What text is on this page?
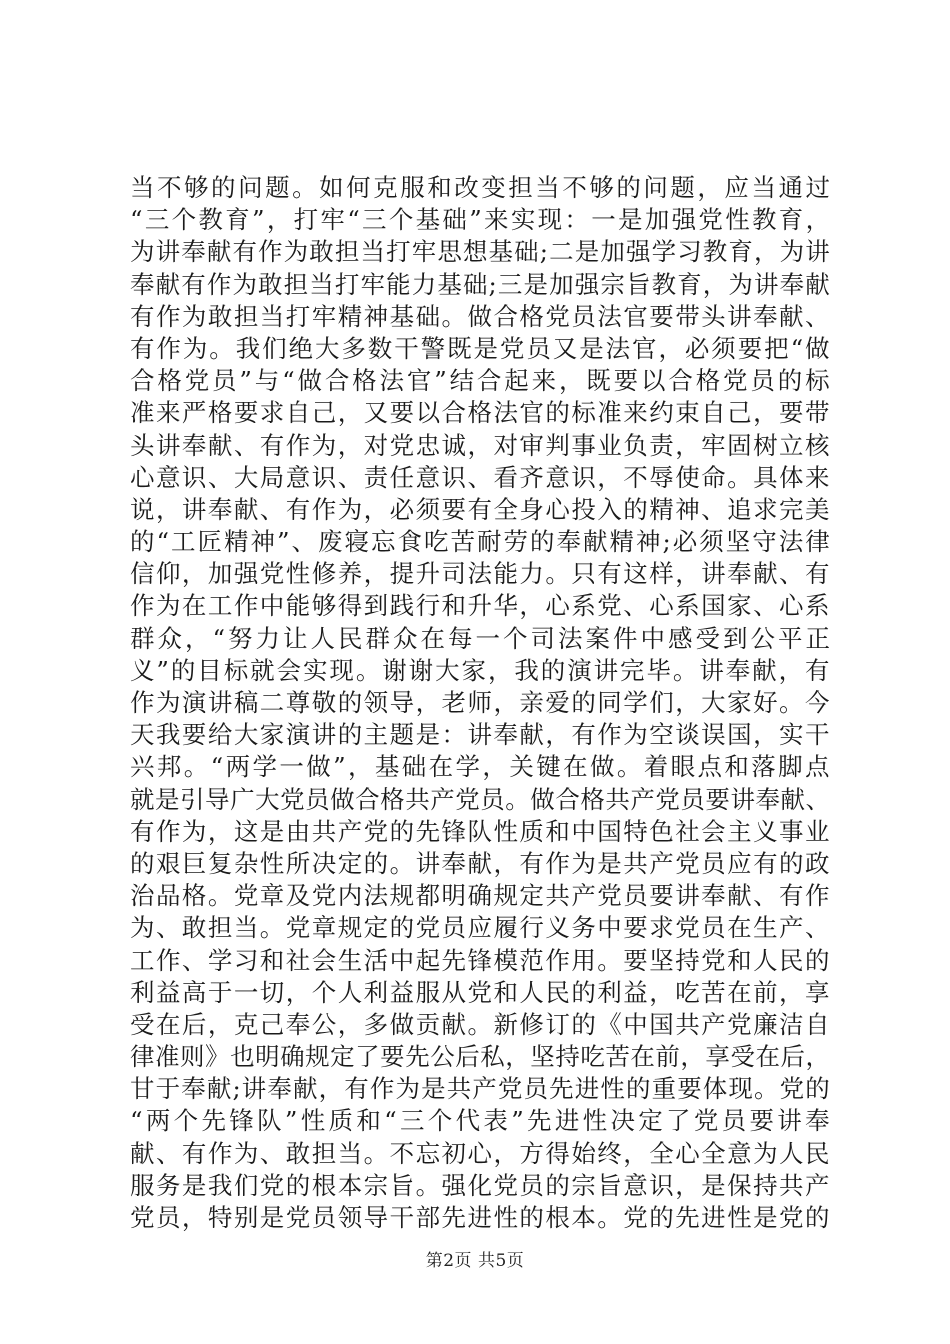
当不够的问题。如何克服和改变担当不够的问题，应当通过
“三个教育”，打牢“三个基础”来实现：一是加强党性教育，
为讲奉献有作为敢担当打牢思想基础;二是加强学习教育，为讲
奉献有作为敢担当打牢能力基础;三是加强宗旨教育，为讲奉献
有作为敢担当打牢精神基础。做合格党员法官要带头讲奉献、
有作为。我们绝大多数干警既是党员又是法官，必须要把“做
合格党员”与“做合格法官”结合起来，既要以合格党员的标
准来严格要求自己，又要以合格法官的标准来约束自己，要带
头讲奉献、有作为，对党忠诚，对审判事业负责，牢固树立核
心意识、大局意识、责任意识、看齐意识，不辱使命。具体来
说，讲奉献、有作为，必须要有全身心投入的精神、追求完美
的“工匠精神”、废寝忘食吃苦耐劳的奉献精神;必须坚守法律
信仰，加强党性修养，提升司法能力。只有这样，讲奉献、有
作为在工作中能够得到践行和升华，心系党、心系国家、心系
群众，“努力让人民群众在每一个司法案件中感受到公平正
义”的目标就会实现。谢谢大家，我的演讲完毕。讲奉献，有
作为演讲稿二尊敬的领导，老师，亲爱的同学们，大家好。今
天我要给大家演讲的主题是：讲奉献，有作为空谈误国，实干
兴邦。“两学一做”，基础在学，关键在做。着眼点和落脚点
就是引导广大党员做合格共产党员。做合格共产党员要讲奉献、
有作为，这是由共产党的先锋队性质和中国特色社会主义事业
的艰巨复杂性所决定的。讲奉献，有作为是共产党员应有的政
治品格。党章及党内法规都明确规定共产党员要讲奉献、有作
为、敢担当。党章规定的党员应履行义务中要求党员在生产、
工作、学习和社会生活中起先锋模范作用。要坚持党和人民的
利益高于一切，个人利益服从党和人民的利益，吃苦在前，享
受在后，克己奉公，多做贡献。新修订的《中国共产党廉洁自
律准则》也明确规定了要先公后私，坚持吃苦在前，享受在后，
甘于奉献;讲奉献，有作为是共产党员先进性的重要体现。党的
“两个先锋队”性质和“三个代表”先进性决定了党员要讲奉
献、有作为、敢担当。不忘初心，方得始终，全心全意为人民
服务是我们党的根本宗旨。强化党员的宗旨意识，是保持共产
党员，特别是党员领导干部先进性的根本。党的先进性是党的
第2页 共5页
